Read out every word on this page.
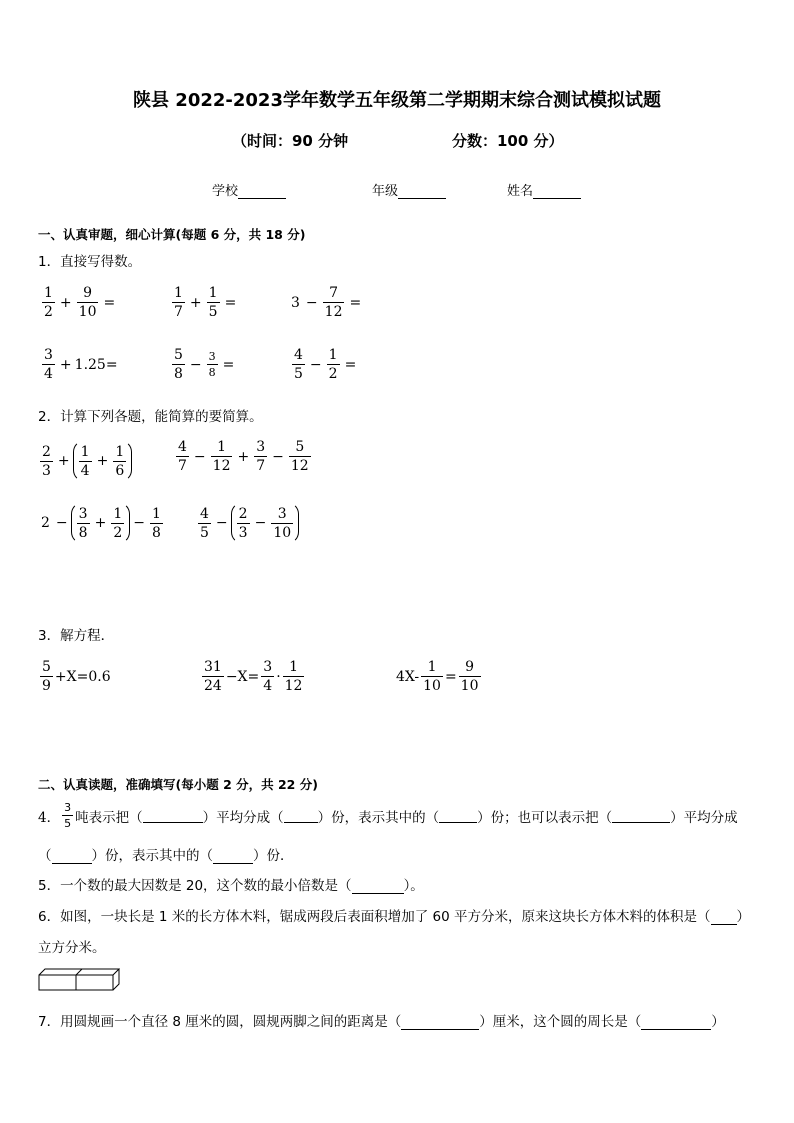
陕县 2022-2023学年数学五年级第二学期期末综合测试模拟试题
（时间：90 分钟	分数：100 分）
学校	年级	姓名
一、认真审题，细心计算(每题 6 分，共 18 分)
1．直接写得数。
$\frac{1}{2} + \frac{9}{10}$ =	$\frac{1}{7} + \frac{1}{5}$ =	$3 - \frac{7}{12}$ =
$\frac{3}{4} + 1.25=$	$\frac{5}{8} - \frac{3}{8}$ =	$\frac{4}{5} - \frac{1}{2}$ =
2．计算下列各题，能简算的要简算。
$\frac{2}{3} + \frac{1}{4} + \frac{1}{6}$	$\frac{4}{7} - \frac{1}{12} + \frac{3}{7} - \frac{5}{12}$
$2 - \frac{3}{8} + \frac{1}{2} - \frac{1}{8}$	$\frac{4}{5} - \frac{2}{3} - \frac{3}{10}$
3．解方程．
$\frac{5}{9} +X=0.6$	$\frac{31}{24} -X= \frac{3}{4} \cdot \frac{1}{12}$	$4X- \frac{1}{10} = \frac{9}{10}$
二、认真读题，准确填写(每小题 2 分，共 22 分)
4． $\frac{3}{5}$ 吨表示把（	）平均分成（	）份，表示其中的（	）份；也可以表示把（	）平均分成
（	）份，表示其中的（	）份．
5．一个数的最大因数是 20，这个数的最小倍数是（	）。
6．如图，一块长是 1 米的长方体木料，锯成两段后表面积增加了 60 平方分米，原来这块长方体木料的体积是（ ）
立方分米。
7．用圆规画一个直径 8 厘米的圆，圆规两脚之间的距离是（	）厘米，这个圆的周长是（	）
